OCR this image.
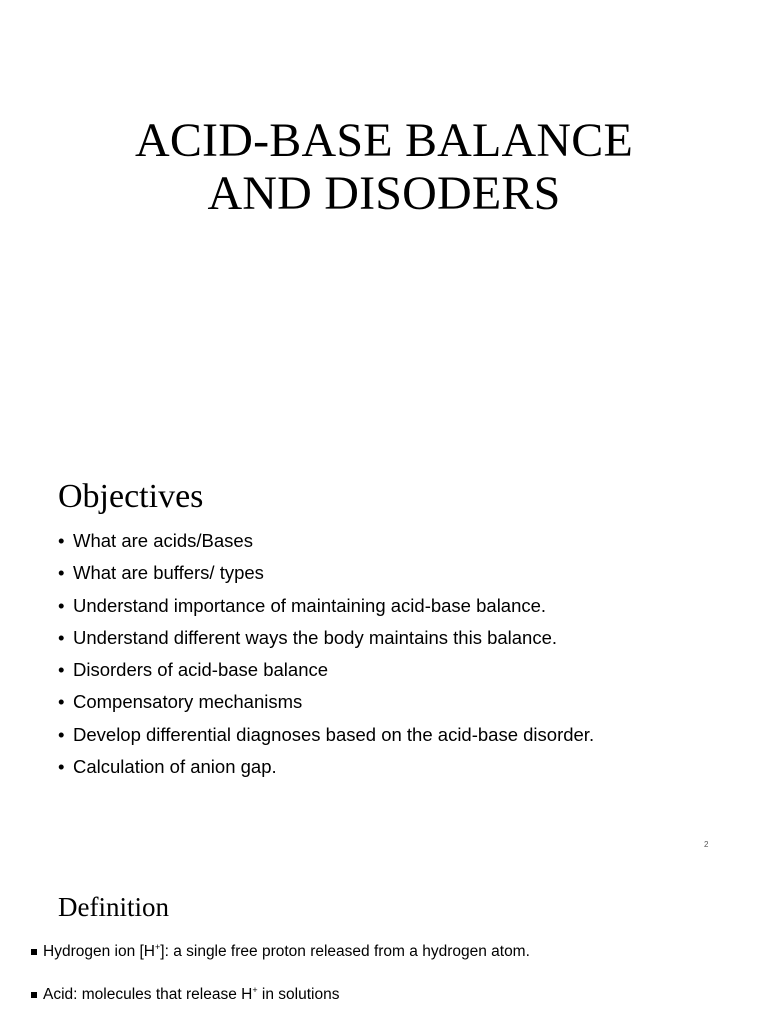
ACID-BASE BALANCE
AND DISODERS
Objectives
• What are acids/Bases
• What are buffers/ types
• Understand importance of maintaining acid-base balance.
• Understand different ways the body maintains this balance.
• Disorders of acid-base balance
• Compensatory mechanisms
• Develop differential diagnoses based on the acid-base disorder.
• Calculation of anion gap.
2
Definition
Hydrogen ion [H+]: a single free proton released from a hydrogen atom.
Acid: molecules that release H+ in solutions
